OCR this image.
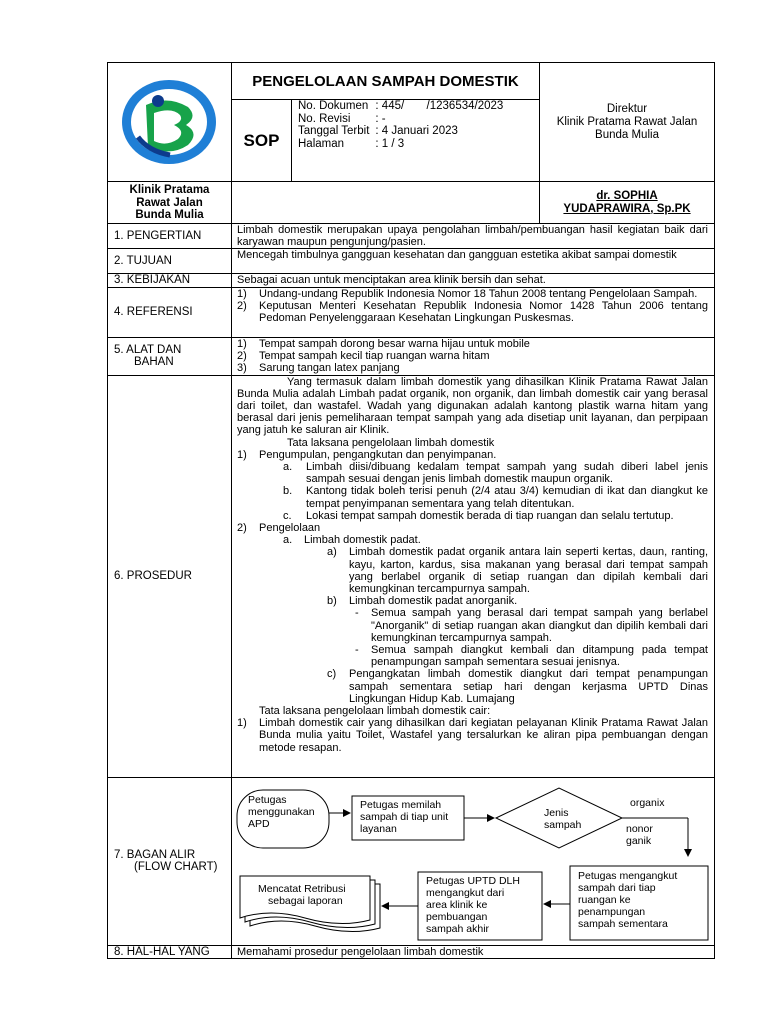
	PENGELOLAAN SAMPAH DOMESTIK	
Direktur
Klinik Pratama Rawat Jalan Bunda Mulia

SOP	
No. Dokumen	: 445/       /1236534/2023
No. Revisi	: -
Tanggal Terbit	: 4 Januari 2023
Halaman	: 1 / 3

Klinik Pratama Rawat Jalan Bunda Mulia		dr. SOPHIA YUDAPRAWIRA, Sp.PK
1. PENGERTIAN	Limbah domestik merupakan upaya pengolahan limbah/pembuangan hasil kegiatan baik dari karyawan maupun pengunjung/pasien.
2. TUJUAN	Mencegah timbulnya gangguan kesehatan dan gangguan estetika akibat sampai domestik
3. KEBIJAKAN	Sebagai acuan untuk menciptakan area klinik bersih dan sehat.
4. REFERENSI	
1)	Undang-undang Republik Indonesia Nomor 18 Tahun 2008 tentang Pengelolaan Sampah.
2)	Keputusan Menteri Kesehatan Republik Indonesia Nomor 1428 Tahun 2006 tentang Pedoman Penyelenggaraan Kesehatan Lingkungan Puskesmas.

5. ALAT DAN
BAHAN

1)	Tempat sampah dorong besar warna hijau untuk mobile
2)	Tempat sampah kecil tiap ruangan warna hitam
3)	Sarung tangan latex panjang

6. PROSEDUR	

Yang termasuk dalam limbah domestik yang dihasilkan Klinik Pratama Rawat Jalan Bunda Mulia adalah Limbah padat organik, non organik, dan limbah domestik cair yang berasal dari toilet, dan wastafel. Wadah yang digunakan adalah kantong plastik warna hitam yang berasal dari jenis pemeliharaan tempat sampah yang ada disetiap unit layanan, dan perpipaan yang jatuh ke saluran air Klinik.

Tata laksana pengelolaan limbah domestik

1)	Pengumpulan, pengangkutan dan penyimpanan.
a.	Limbah diisi/dibuang kedalam tempat sampah yang sudah diberi label jenis sampah sesuai dengan jenis limbah domestik maupun organik.
b.	Kantong tidak boleh terisi penuh (2/4 atau 3/4) kemudian di ikat dan diangkut ke tempat penyimpanan sementara yang telah ditentukan.
c.	Lokasi tempat sampah domestik berada di tiap ruangan dan selalu tertutup.
2)	Pengelolaan
a.	Limbah domestik padat.
a)	Limbah domestik padat organik antara lain seperti kertas, daun, ranting, kayu, karton, kardus, sisa makanan yang berasal dari tempat sampah yang berlabel organik di setiap ruangan dan dipilah kembali dari kemungkinan tercampurnya sampah.
b)	Limbah domestik padat anorganik.
-	Semua sampah yang berasal dari tempat sampah yang berlabel "Anorganik" di setiap ruangan akan diangkut dan dipilih kembali dari kemungkinan tercampurnya sampah.
-	Semua sampah diangkut kembali dan ditampung pada tempat penampungan sampah sementara sesuai jenisnya.
c)	Pengangkatan limbah domestik diangkut dari tempat penampungan sampah sementara setiap hari dengan kerjasma UPTD Dinas Lingkungan Hidup Kab. Lumajang

Tata laksana pengelolaan limbah domestik cair:

1)	Limbah domestik cair yang dihasilkan dari kegiatan pelayanan Klinik Pratama Rawat Jalan Bunda mulia yaitu Toilet, Wastafel yang tersalurkan ke aliran pipa pembuangan dengan metode resapan.

7. BAGAN ALIR
(FLOW CHART)

Petugas menggunakan APD
Petugas memilah sampah di tiap unit layanan
Jenis sampah
organix
nonor ganik
Petugas mengangkut sampah dari tiap ruangan ke penampungan sampah sementara
Petugas UPTD DLH mengangkut dari area klinik ke pembuangan sampah akhir
Mencatat Retribusi sebagai laporan

8. HAL-HAL YANG	Memahami prosedur pengelolaan limbah domestik
